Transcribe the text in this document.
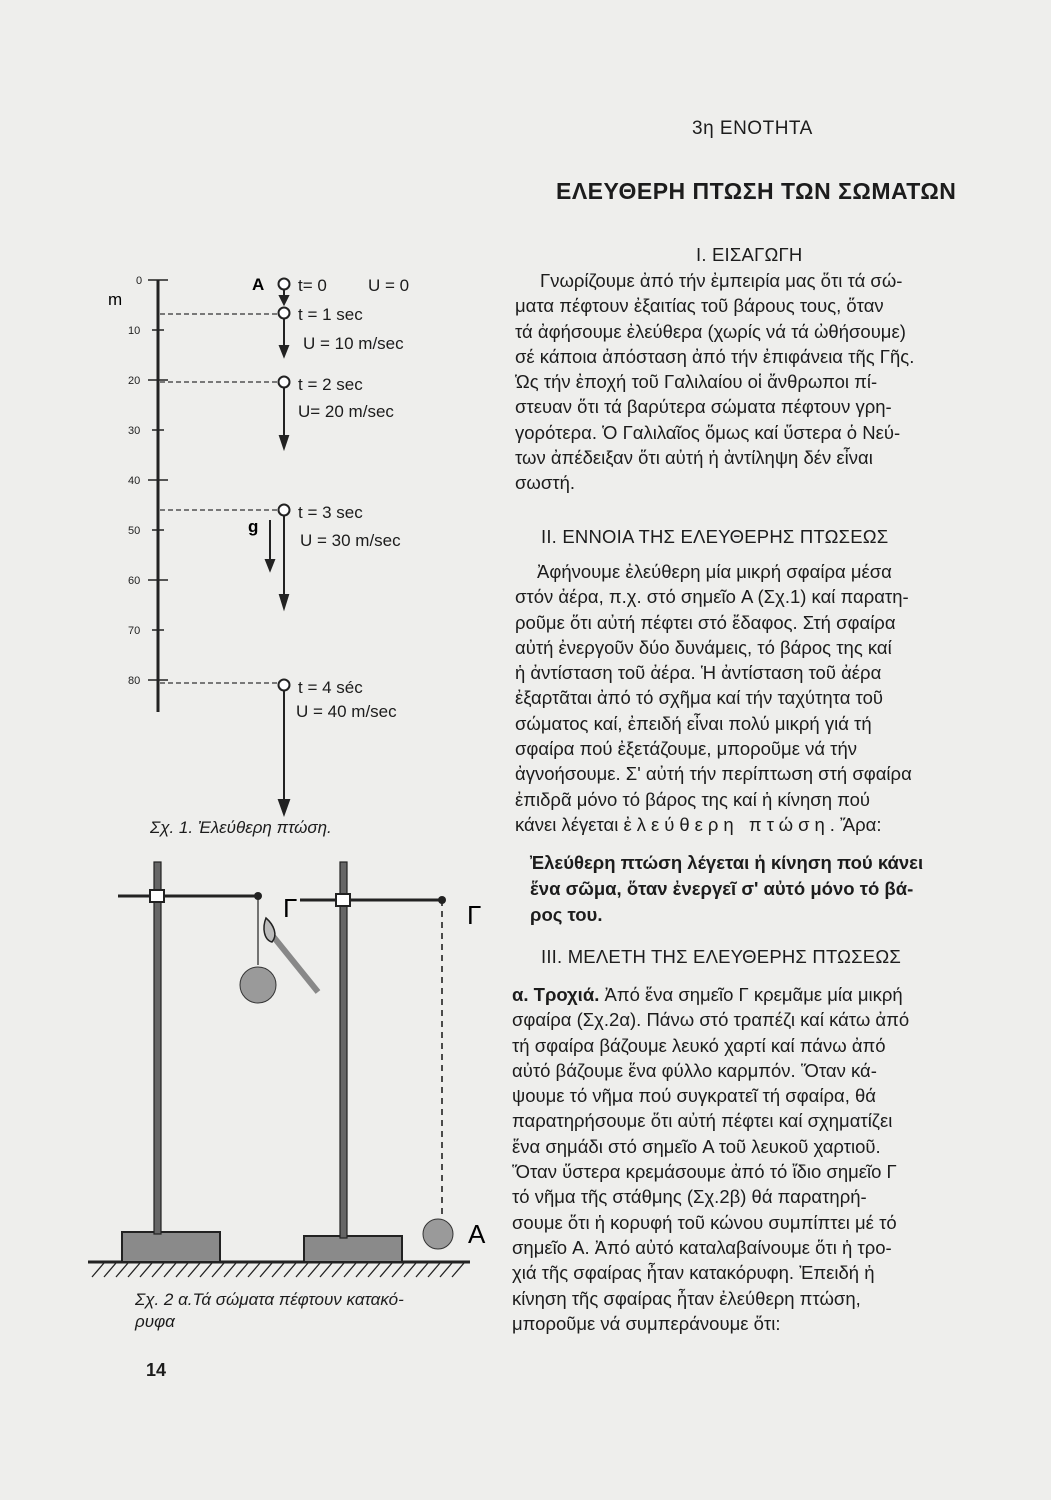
3η ΕΝΟΤΗΤΑ
ΕΛΕΥΘΕΡΗ ΠΤΩΣΗ ΤΩΝ ΣΩΜΑΤΩΝ
m
0
10
20
30
40
50
60
70
80
A
g
t= 0 U = 0
t = 1 sec
U = 10 m/sec
t = 2 sec
U= 20 m/sec
t = 3 sec
U = 30 m/sec
t = 4 séc
U = 40 m/sec
Σχ. 1. Ἐλεύθερη πτώση.
Γ	Γ
A
Σχ. 2 α.Τά σώματα πέφτουν κατακό-
ρυφα
Ι. ΕΙΣΑΓΩΓΗ
Γνωρίζουμε ἀπό τήν ἐμπειρία μας ὅτι τά σώ-
ματα πέφτουν ἐξαιτίας τοῦ βάρους τους, ὅταν
τά ἀφήσουμε ἐλεύθερα (χωρίς νά τά ὠθήσουμε)
σέ κάποια ἀπόσταση ἀπό τήν ἐπιφάνεια τῆς Γῆς.
Ὡς τήν ἐποχή τοῦ Γαλιλαίου οἱ ἄνθρωποι πί-
στευαν ὅτι τά βαρύτερα σώματα πέφτουν γρη-
γορότερα. Ὁ Γαλιλαῖος ὅμως καί ὕστερα ὁ Νεύ-
των ἀπέδειξαν ὅτι αὐτή ἡ ἀντίληψη δέν εἶναι
σωστή.
ΙΙ. ΕΝΝΟΙΑ ΤΗΣ ΕΛΕΥΘΕΡΗΣ ΠΤΩΣΕΩΣ
Ἀφήνουμε ἐλεύθερη μία μικρή σφαίρα μέσα
στόν ἀέρα, π.χ. στό σημεῖο A (Σχ.1) καί παρατη-
ροῦμε ὅτι αὐτή πέφτει στό ἔδαφος. Στή σφαίρα
αὐτή ἐνεργοῦν δύο δυνάμεις, τό βάρος της καί
ἡ ἀντίσταση τοῦ ἀέρα. Ἡ ἀντίσταση τοῦ ἀέρα
ἐξαρτᾶται ἀπό τό σχῆμα καί τήν ταχύτητα τοῦ
σώματος καί, ἐπειδή εἶναι πολύ μικρή γιά τή
σφαίρα πού ἐξετάζουμε, μποροῦμε νά τήν
ἀγνοήσουμε. Σ' αὐτή τήν περίπτωση στή σφαίρα
ἐπιδρᾶ μόνο τό βάρος της καί ἡ κίνηση πού
κάνει λέγεται ἐλεύθερη πτώση. Ἄρα:
Ἐλεύθερη πτώση λέγεται ἡ κίνηση πού κάνει
ἕνα σῶμα, ὅταν ἐνεργεῖ σ' αὐτό μόνο τό βά-
ρος του.
ΙΙΙ. ΜΕΛΕΤΗ ΤΗΣ ΕΛΕΥΘΕΡΗΣ ΠΤΩΣΕΩΣ
α. Τροχιά. Ἀπό ἕνα σημεῖο Γ κρεμᾶμε μία μικρή
σφαίρα (Σχ.2α). Πάνω στό τραπέζι καί κάτω ἀπό
τή σφαίρα βάζουμε λευκό χαρτί καί πάνω ἀπό
αὐτό βάζουμε ἕνα φύλλο καρμπόν. Ὅταν κά-
ψουμε τό νῆμα πού συγκρατεῖ τή σφαίρα, θά
παρατηρήσουμε ὅτι αὐτή πέφτει καί σχηματίζει
ἕνα σημάδι στό σημεῖο A τοῦ λευκοῦ χαρτιοῦ.
Ὅταν ὕστερα κρεμάσουμε ἀπό τό ἴδιο σημεῖο Γ
τό νῆμα τῆς στάθμης (Σχ.2β) θά παρατηρή-
σουμε ὅτι ἡ κορυφή τοῦ κώνου συμπίπτει μέ τό
σημεῖο A. Ἀπό αὐτό καταλαβαίνουμε ὅτι ἡ τρο-
χιά τῆς σφαίρας ἦταν κατακόρυφη. Ἐπειδή ἡ
κίνηση τῆς σφαίρας ἦταν ἐλεύθερη πτώση,
μποροῦμε νά συμπεράνουμε ὅτι:
14
